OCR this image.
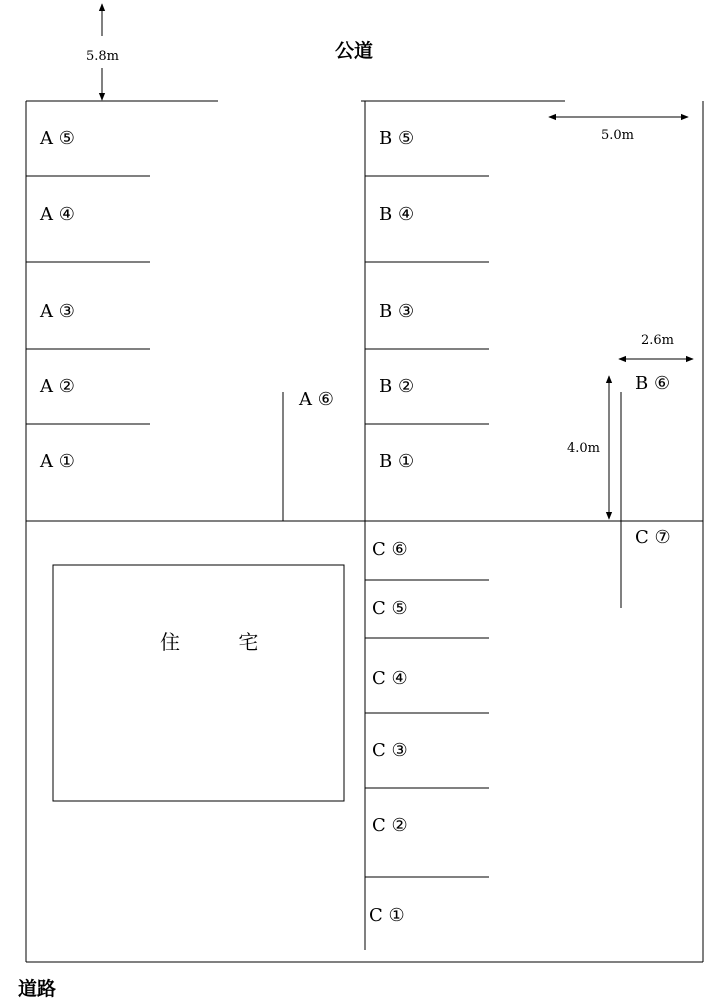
公道
道路
住 宅
5.8m
5.0m
2.6m
4.0m
A ⑤
A ④
A ③
A ②
A ①
A ⑥
B ⑤
B ④
B ③
B ②
B ①
B ⑥
C ⑥
C ⑤
C ④
C ③
C ②
C ①
C ⑦
